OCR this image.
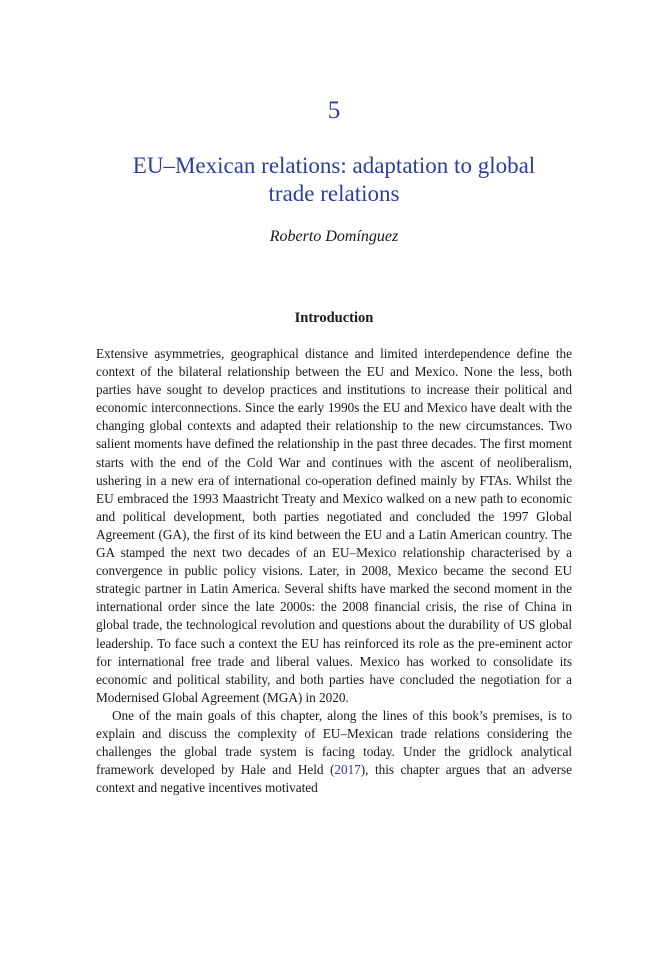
5
EU–Mexican relations: adaptation to global
trade relations
Roberto Domínguez
Introduction

Extensive asymmetries, geographical distance and limited interdependence define the context of the bilateral relationship between the EU and Mexico. None the less, both parties have sought to develop practices and institutions to increase their political and economic interconnections. Since the early 1990s the EU and Mexico have dealt with the changing global contexts and adapted their relationship to the new circumstances. Two salient moments have defined the relationship in the past three decades. The first moment starts with the end of the Cold War and continues with the ascent of neoliberalism, ushering in a new era of international co-operation defined mainly by FTAs. Whilst the EU embraced the 1993 Maastricht Treaty and Mexico walked on a new path to economic and political development, both parties negotiated and concluded the 1997 Global Agreement (GA), the first of its kind between the EU and a Latin American country. The GA stamped the next two decades of an EU–Mexico relationship characterised by a convergence in public policy visions. Later, in 2008, Mexico became the second EU strategic partner in Latin America. Several shifts have marked the second moment in the international order since the late 2000s: the 2008 financial crisis, the rise of China in global trade, the technological revolution and questions about the durability of US global leadership. To face such a context the EU has reinforced its role as the pre-eminent actor for international free trade and liberal values. Mexico has worked to consolidate its economic and political stability, and both parties have concluded the negotiation for a Modernised Global Agreement (MGA) in 2020.

One of the main goals of this chapter, along the lines of this book’s premises, is to explain and discuss the complexity of EU–Mexican trade relations considering the challenges the global trade system is facing today. Under the gridlock analytical framework developed by Hale and Held (2017), this chapter argues that an adverse context and negative incentives motivated
